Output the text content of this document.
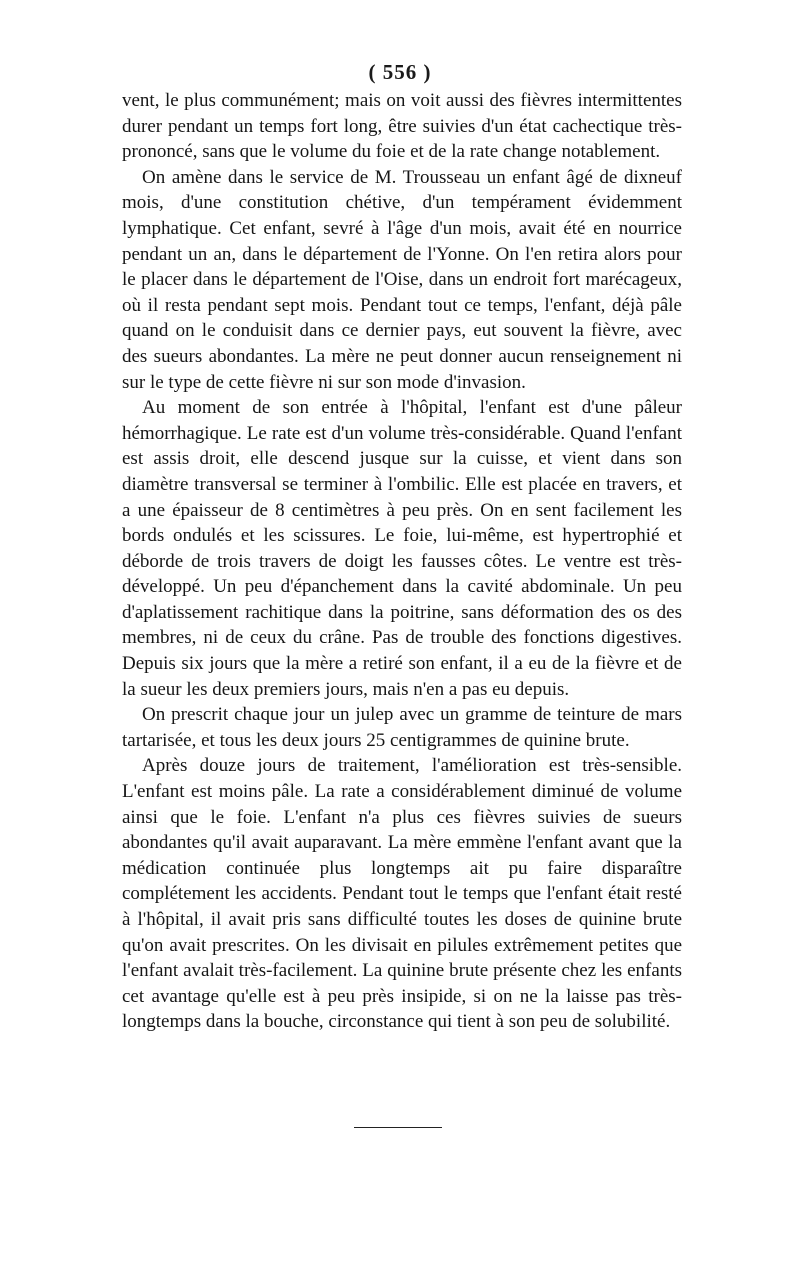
( 556 )

vent, le plus communément; mais on voit aussi des fièvres intermittentes durer pendant un temps fort long, être suivies d'un état cachectique très-prononcé, sans que le volume du foie et de la rate change notablement.

On amène dans le service de M. Trousseau un enfant âgé de dixneuf mois, d'une constitution chétive, d'un tempérament évidemment lymphatique. Cet enfant, sevré à l'âge d'un mois, avait été en nourrice pendant un an, dans le département de l'Yonne. On l'en retira alors pour le placer dans le département de l'Oise, dans un endroit fort marécageux, où il resta pendant sept mois. Pendant tout ce temps, l'enfant, déjà pâle quand on le conduisit dans ce dernier pays, eut souvent la fièvre, avec des sueurs abondantes. La mère ne peut donner aucun renseignement ni sur le type de cette fièvre ni sur son mode d'invasion.

Au moment de son entrée à l'hôpital, l'enfant est d'une pâleur hémorrhagique. Le rate est d'un volume très-considérable. Quand l'enfant est assis droit, elle descend jusque sur la cuisse, et vient dans son diamètre transversal se terminer à l'ombilic. Elle est placée en travers, et a une épaisseur de 8 centimètres à peu près. On en sent facilement les bords ondulés et les scissures. Le foie, lui-même, est hypertrophié et déborde de trois travers de doigt les fausses côtes. Le ventre est très-développé. Un peu d'épanchement dans la cavité abdominale. Un peu d'aplatissement rachitique dans la poitrine, sans déformation des os des membres, ni de ceux du crâne. Pas de trouble des fonctions digestives. Depuis six jours que la mère a retiré son enfant, il a eu de la fièvre et de la sueur les deux premiers jours, mais n'en a pas eu depuis.

On prescrit chaque jour un julep avec un gramme de teinture de mars tartarisée, et tous les deux jours 25 centigrammes de quinine brute.

Après douze jours de traitement, l'amélioration est très-sensible. L'enfant est moins pâle. La rate a considérablement diminué de volume ainsi que le foie. L'enfant n'a plus ces fièvres suivies de sueurs abondantes qu'il avait auparavant. La mère emmène l'enfant avant que la médication continuée plus longtemps ait pu faire disparaître complétement les accidents. Pendant tout le temps que l'enfant était resté à l'hôpital, il avait pris sans difficulté toutes les doses de quinine brute qu'on avait prescrites. On les divisait en pilules extrêmement petites que l'enfant avalait très-facilement. La quinine brute présente chez les enfants cet avantage qu'elle est à peu près insipide, si on ne la laisse pas très-longtemps dans la bouche, circonstance qui tient à son peu de solubilité.
